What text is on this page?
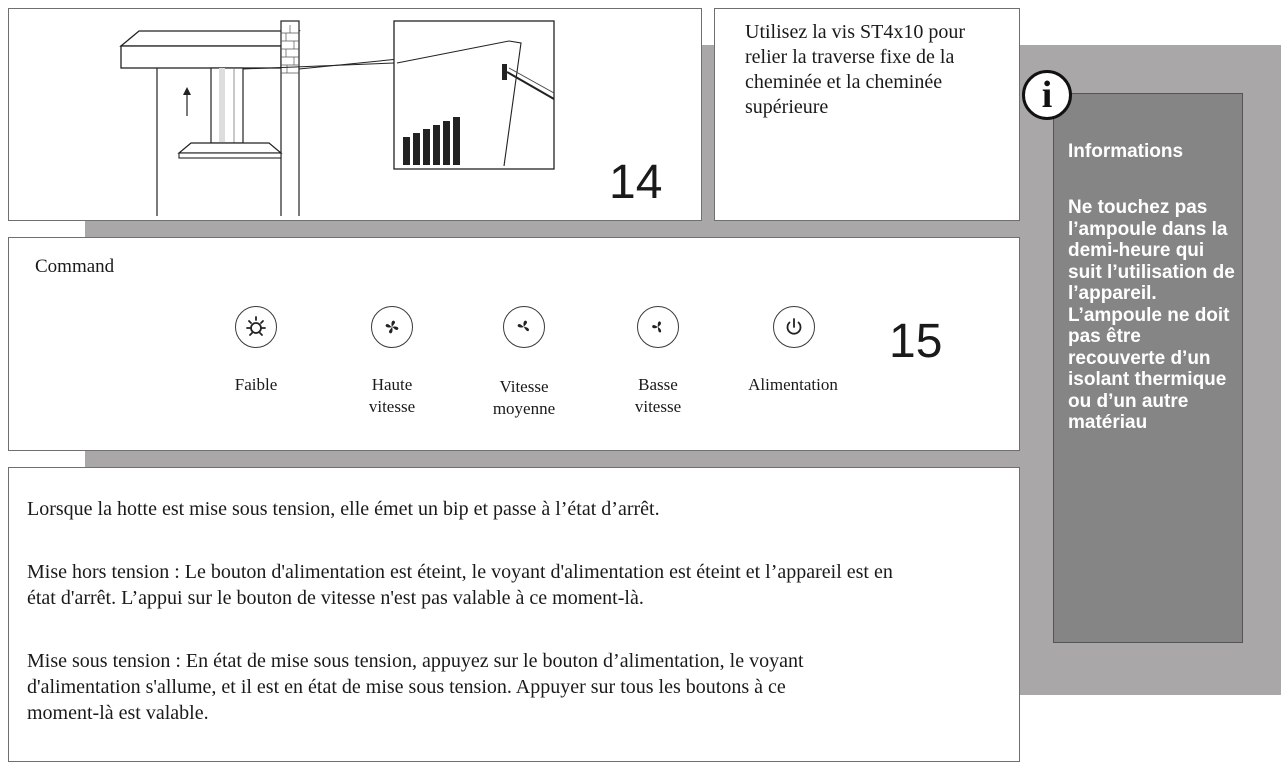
14
Utilisez la vis ST4x10 pour relier la traverse fixe de la cheminée et la cheminée supérieure
Command
Faible	Haute
vitesse
Vitesse
moyenne
Basse
vitesse
Alimentation
15
Lorsque la hotte est mise sous tension, elle émet un bip et passe à l’état d’arrêt.
Mise hors tension : Le bouton d'alimentation est éteint, le voyant d'alimentation est éteint et l’appareil est en état d'arrêt. L’appui sur le bouton de vitesse n'est pas valable à ce moment-là.
Mise sous tension : En état de mise sous tension, appuyez sur le bouton d’alimentation, le voyant d'alimentation s'allume, et il est en état de mise sous tension. Appuyer sur tous les boutons à ce moment-là est valable.
Informations
Ne touchez pas l’ampoule dans la demi-heure qui suit l’utilisation de l’appareil. L’ampoule ne doit pas être recouverte d’un isolant thermique ou d’un autre matériau
i
